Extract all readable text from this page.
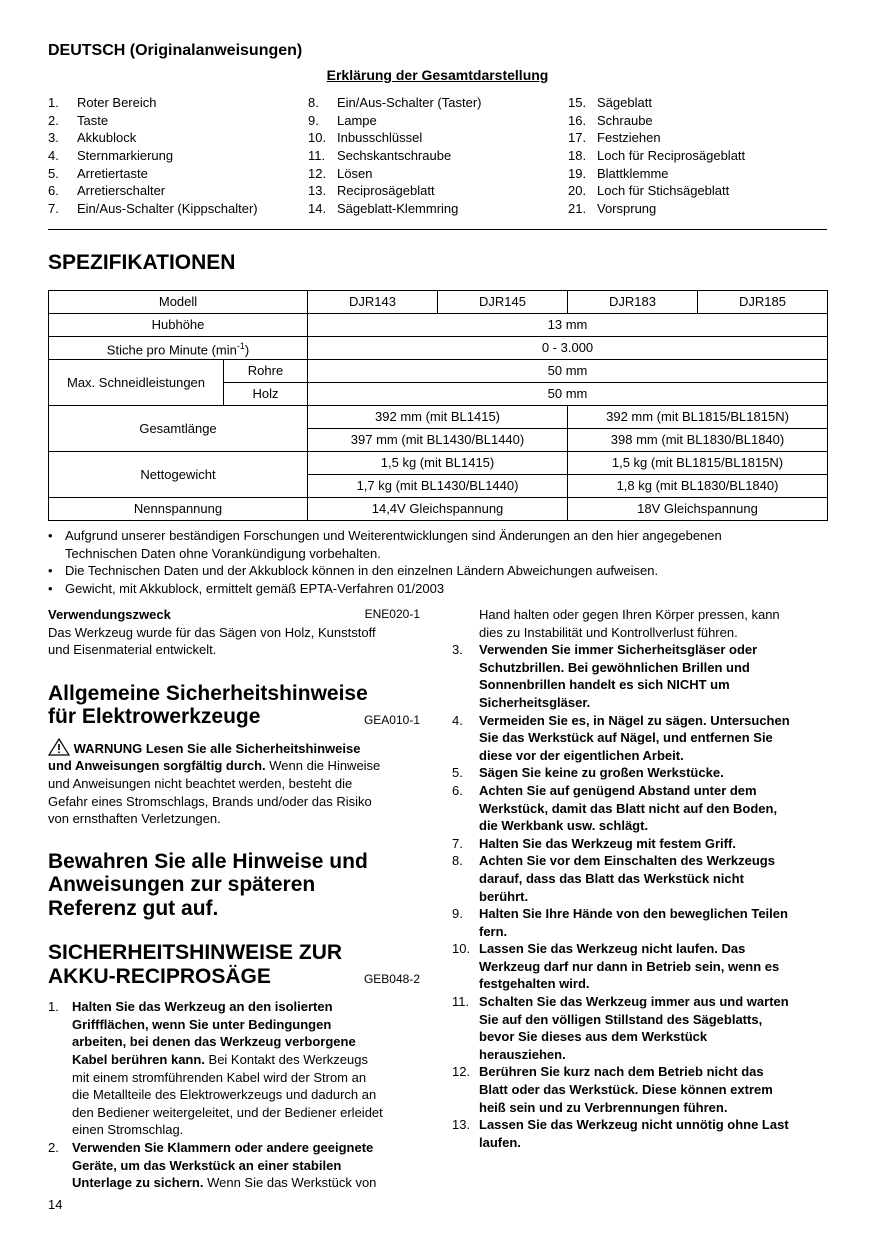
DEUTSCH (Originalanweisungen)
Erklärung der Gesamtdarstellung
1.	Roter Bereich
2.	Taste
3.	Akkublock
4.	Sternmarkierung
5.	Arretiertaste
6.	Arretierschalter
7.	Ein/Aus-Schalter (Kippschalter)
8.	Ein/Aus-Schalter (Taster)
9.	Lampe
10. Inbusschlüssel
11. Sechskantschraube
12. Lösen
13. Reciprosägeblatt
14. Sägeblatt-Klemmring
15. Sägeblatt
16. Schraube
17. Festziehen
18. Loch für Reciprosägeblatt
19. Blattklemme
20. Loch für Stichsägeblatt
21. Vorsprung
SPEZIFIKATIONEN
Modell		DJR143	DJR145	DJR183	DJR185
Hubhöhe		13 mm			
Stiche pro Minute $(\min^{-1})$		0 - 3.000			
Max. Schneidleistungen	Rohre	50 mm			
	Holz	50 mm			
Gesamtlänge		392 mm (mit BL1415)		392 mm (mit BL1815/BL1815N)	
		397 mm (mit BL1430/BL1440)		398 mm (mit BL1830/BL1840)	
Nettogewicht		1,5 kg (mit BL1415)		1,5 kg (mit BL1815/BL1815N)	
		1,7 kg (mit BL1430/BL1440)		1,8 kg (mit BL1830/BL1840)	
Nennspannung		14,4V Gleichspannung		18V Gleichspannung	
• Aufgrund unserer beständigen Forschungen und Weiterentwicklungen sind Änderungen an den hier angegebenen
Technischen Daten ohne Vorankündigung vorbehalten.
• Die Technischen Daten und der Akkublock können in den einzelnen Ländern Abweichungen aufweisen.
• Gewicht, mit Akkublock, ermittelt gemäß EPTA-Verfahren 01/2003
Verwendungszweck	ENE020-1
Das Werkzeug wurde für das Sägen von Holz, Kunststoff
und Eisenmaterial entwickelt.
Allgemeine Sicherheitshinweise
für Elektrowerkzeuge	GEA010-1
WARNUNG Lesen Sie alle Sicherheitshinweise
und Anweisungen sorgfältig durch. Wenn die Hinweise
und Anweisungen nicht beachtet werden, besteht die
Gefahr eines Stromschlags, Brands und/oder das Risiko
von ernsthaften Verletzungen.
Bewahren Sie alle Hinweise und
Anweisungen zur späteren
Referenz gut auf.
SICHERHEITSHINWEISE ZUR
AKKU-RECIPROSÄGE	GEB048-2
1.	Halten Sie das Werkzeug an den isolierten
Griffflächen, wenn Sie unter Bedingungen
arbeiten, bei denen das Werkzeug verborgene
Kabel berühren kann. Bei Kontakt des Werkzeugs
mit einem stromführenden Kabel wird der Strom an
die Metallteile des Elektrowerkzeugs und dadurch an
den Bediener weitergeleitet, und der Bediener erleidet
einen Stromschlag.
2.	Verwenden Sie Klammern oder andere geeignete
Geräte, um das Werkstück an einer stabilen
Unterlage zu sichern. Wenn Sie das Werkstück von
Hand halten oder gegen Ihren Körper pressen, kann
dies zu Instabilität und Kontrollverlust führen.
3.	Verwenden Sie immer Sicherheitsgläser oder
Schutzbrillen. Bei gewöhnlichen Brillen und
Sonnenbrillen handelt es sich NICHT um
Sicherheitsgläser.
4.	Vermeiden Sie es, in Nägel zu sägen. Untersuchen
Sie das Werkstück auf Nägel, und entfernen Sie
diese vor der eigentlichen Arbeit.
5.	Sägen Sie keine zu großen Werkstücke.
6.	Achten Sie auf genügend Abstand unter dem
Werkstück, damit das Blatt nicht auf den Boden,
die Werkbank usw. schlägt.
7.	Halten Sie das Werkzeug mit festem Griff.
8.	Achten Sie vor dem Einschalten des Werkzeugs
darauf, dass das Blatt das Werkstück nicht
berührt.
9.	Halten Sie Ihre Hände von den beweglichen Teilen
fern.
10. Lassen Sie das Werkzeug nicht laufen. Das
Werkzeug darf nur dann in Betrieb sein, wenn es
festgehalten wird.
11. Schalten Sie das Werkzeug immer aus und warten
Sie auf den völligen Stillstand des Sägeblatts,
bevor Sie dieses aus dem Werkstück
herausziehen.
12. Berühren Sie kurz nach dem Betrieb nicht das
Blatt oder das Werkstück. Diese können extrem
heiß sein und zu Verbrennungen führen.
13. Lassen Sie das Werkzeug nicht unnötig ohne Last
laufen.
14
